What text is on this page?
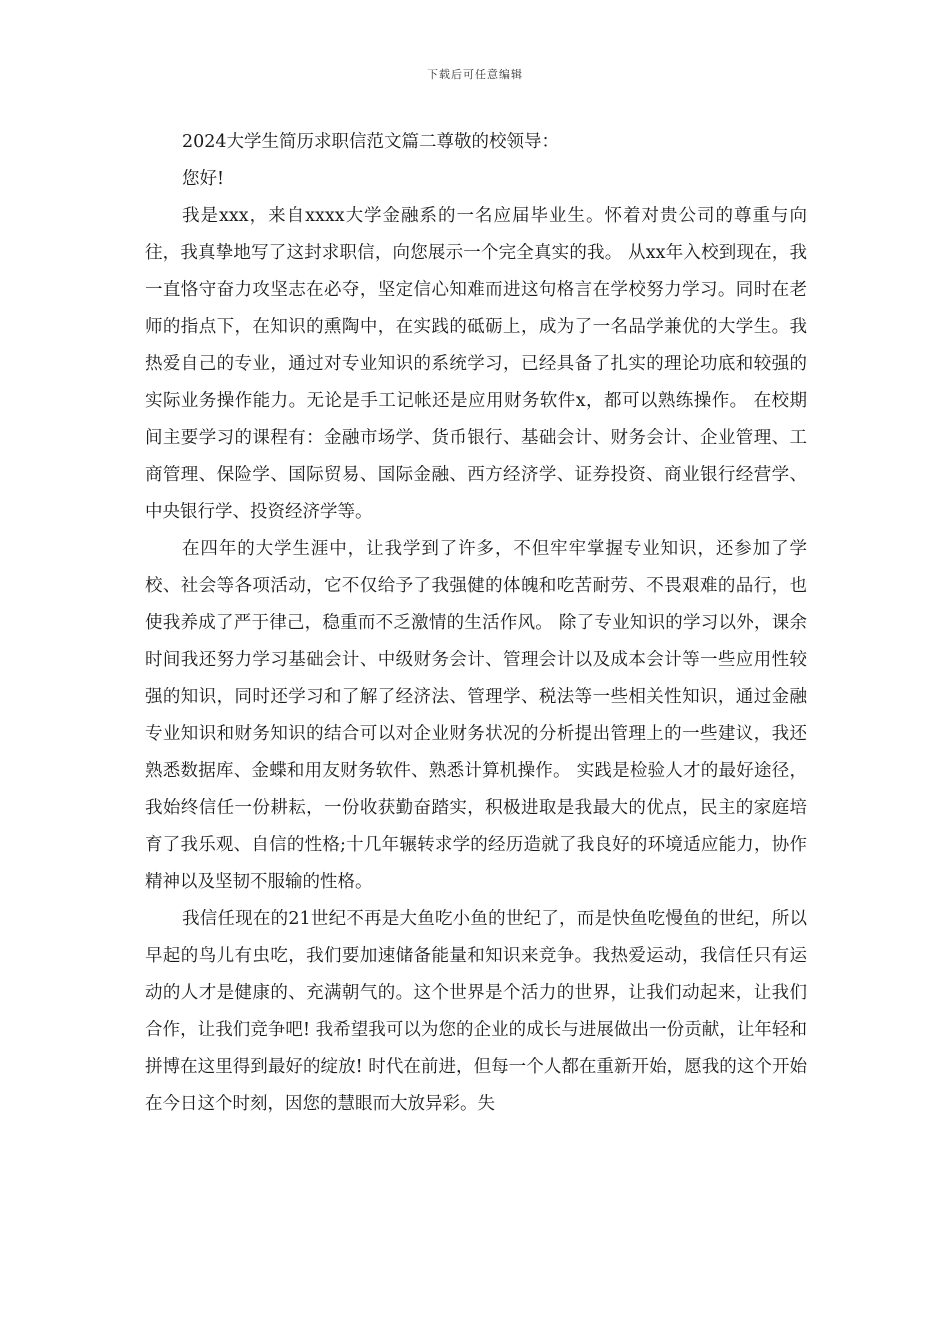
下载后可任意编辑

2024大学生简历求职信范文篇二尊敬的校领导：

您好!

我是xxx，来自xxxx大学金融系的一名应届毕业生。怀着对贵公司的尊重与向往，我真挚地写了这封求职信，向您展示一个完全真实的我。 从xx年入校到现在，我一直恪守奋力攻坚志在必夺，坚定信心知难而进这句格言在学校努力学习。同时在老师的指点下，在知识的熏陶中，在实践的砥砺上，成为了一名品学兼优的大学生。我热爱自己的专业，通过对专业知识的系统学习，已经具备了扎实的理论功底和较强的实际业务操作能力。无论是手工记帐还是应用财务软件x，都可以熟练操作。 在校期间主要学习的课程有：金融市场学、货币银行、基础会计、财务会计、企业管理、工商管理、保险学、国际贸易、国际金融、西方经济学、证券投资、商业银行经营学、中央银行学、投资经济学等。

在四年的大学生涯中，让我学到了许多，不但牢牢掌握专业知识，还参加了学校、社会等各项活动，它不仅给予了我强健的体魄和吃苦耐劳、不畏艰难的品行，也使我养成了严于律己，稳重而不乏激情的生活作风。 除了专业知识的学习以外，课余时间我还努力学习基础会计、中级财务会计、管理会计以及成本会计等一些应用性较强的知识，同时还学习和了解了经济法、管理学、税法等一些相关性知识，通过金融专业知识和财务知识的结合可以对企业财务状况的分析提出管理上的一些建议，我还熟悉数据库、金蝶和用友财务软件、熟悉计算机操作。 实践是检验人才的最好途径，我始终信任一份耕耘，一份收获勤奋踏实，积极进取是我最大的优点，民主的家庭培育了我乐观、自信的性格;十几年辗转求学的经历造就了我良好的环境适应能力，协作精神以及坚韧不服输的性格。

我信任现在的21世纪不再是大鱼吃小鱼的世纪了，而是快鱼吃慢鱼的世纪，所以早起的鸟儿有虫吃，我们要加速储备能量和知识来竞争。我热爱运动，我信任只有运动的人才是健康的、充满朝气的。这个世界是个活力的世界，让我们动起来，让我们合作，让我们竞争吧! 我希望我可以为您的企业的成长与进展做出一份贡献，让年轻和拼博在这里得到最好的绽放! 时代在前进，但每一个人都在重新开始，愿我的这个开始在今日这个时刻，因您的慧眼而大放异彩。失
